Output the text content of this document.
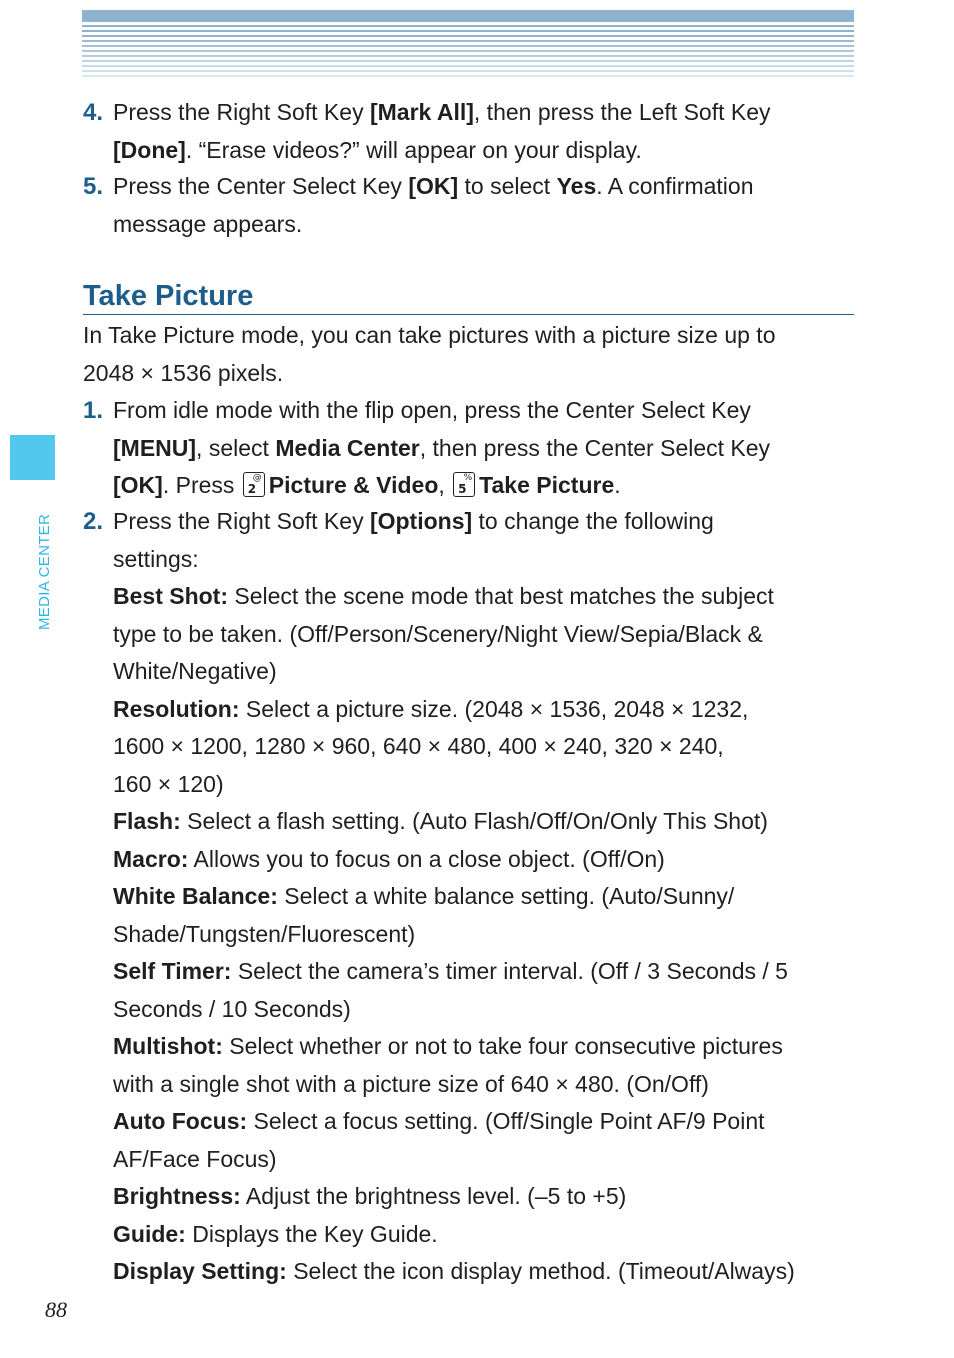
MEDIA CENTER
4. Press the Right Soft Key [Mark All], then press the Left Soft Key
[Done]. “Erase videos?” will appear on your display.
5. Press the Center Select Key [OK] to select Yes. A confirmation
message appears.
Take Picture
In Take Picture mode, you can take pictures with a picture size up to
2048 × 1536 pixels.
1. From idle mode with the flip open, press the Center Select Key
[MENU], select Media Center, then press the Center Select Key
[OK]. Press 2
@ Picture & Video, 5
% Take Picture.
2. Press the Right Soft Key [Options] to change the following
settings:
Best Shot: Select the scene mode that best matches the subject
type to be taken. (Off/Person/Scenery/Night View/Sepia/Black &
White/Negative)
Resolution: Select a picture size. (2048 × 1536, 2048 × 1232,
1600 × 1200, 1280 × 960, 640 × 480, 400 × 240, 320 × 240,
160 × 120)
Flash: Select a flash setting. (Auto Flash/Off/On/Only This Shot)
Macro: Allows you to focus on a close object. (Off/On)
White Balance: Select a white balance setting. (Auto/Sunny/
Shade/Tungsten/Fluorescent)
Self Timer: Select the camera’s timer interval. (Off / 3 Seconds / 5
Seconds / 10 Seconds)
Multishot: Select whether or not to take four consecutive pictures
with a single shot with a picture size of 640 × 480. (On/Off)
Auto Focus: Select a focus setting. (Off/Single Point AF/9 Point
AF/Face Focus)
Brightness: Adjust the brightness level. (–5 to +5)
Guide: Displays the Key Guide.
Display Setting: Select the icon display method. (Timeout/Always)
88
